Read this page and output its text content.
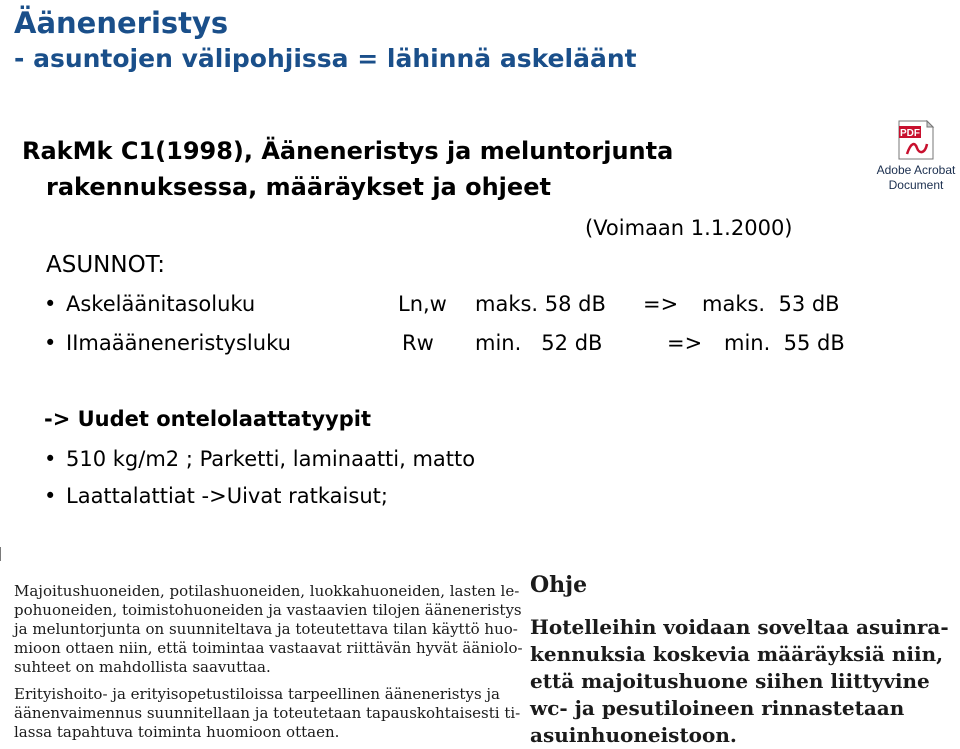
Ääneneristys
- asuntojen välipohjissa = lähinnä askeläänt
RakMk C1(1998), Ääneneristys ja meluntorjunta
rakennuksessa, määräykset ja ohjeet
(Voimaan 1.1.2000)
PDF
Adobe Acrobat
Document
ASUNNOT:
• Askeläänitasoluku	Ln,w maks. 58 dB => maks.  53 dB
• IImaääneneristysluku	Rw min.   52 dB	=> min.  55 dB
-> Uudet ontelolaattatyypit
• 510 kg/m2 ; Parketti, laminaatti, matto
• Laattalattiat ->Uivat ratkaisut;
Majoitushuoneiden, potilashuoneiden, luokkahuoneiden, lasten le-
pohuoneiden, toimistohuoneiden ja vastaavien tilojen ääneneristys
ja meluntorjunta on suunniteltava ja toteutettava tilan käyttö huo-
mioon ottaen niin, että toimintaa vastaavat riittävän hyvät ääniolo-
suhteet on mahdollista saavuttaa.
Erityishoito- ja erityisopetustiloissa tarpeellinen ääneneristys ja
äänenvaimennus suunnitellaan ja toteutetaan tapauskohtaisesti ti-
lassa tapahtuva toiminta huomioon ottaen.
Ohje
Hotelleihin voidaan soveltaa asuinra-
kennuksia koskevia määräyksiä niin,
että majoitushuone siihen liittyvine
wc- ja pesutiloineen rinnastetaan
asuinhuoneistoon.
